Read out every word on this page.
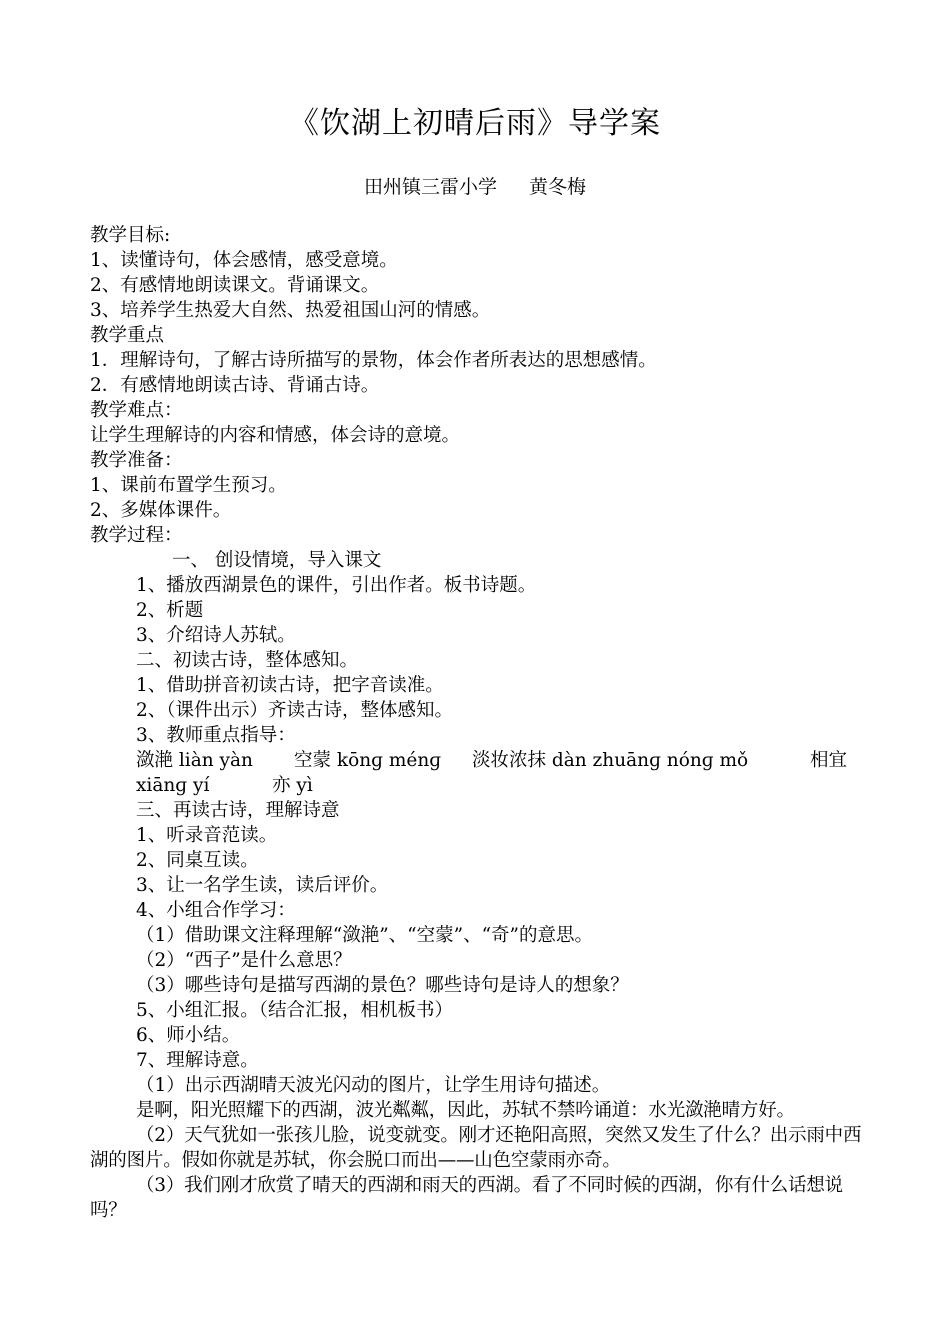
《饮湖上初晴后雨》导学案
田州镇三雷小学 黄冬梅
教学目标:
1、读懂诗句，体会感情，感受意境。
2、有感情地朗读课文。背诵课文。
3、培养学生热爱大自然、热爱祖国山河的情感。
教学重点
1．理解诗句，了解古诗所描写的景物，体会作者所表达的思想感情。
2．有感情地朗读古诗、背诵古诗。
教学难点：
让学生理解诗的内容和情感，体会诗的意境。
教学准备：
1、课前布置学生预习。
2、多媒体课件。
教学过程：
一、 创设情境，导入课文
1、播放西湖景色的课件，引出作者。板书诗题。
2、析题
3、介绍诗人苏轼。
二、初读古诗，整体感知。
1、借助拼音初读古诗，把字音读准。
2、（课件出示）齐读古诗，整体感知。
3、教师重点指导：
潋滟 liàn yàn 空蒙 kōnɡ ménɡ 淡妆浓抹 dàn zhuānɡ nónɡ mǒ	相宜
xiānɡ yí	亦 yì
三、再读古诗，理解诗意
1、听录音范读。
2、同桌互读。
3、让一名学生读，读后评价。
4、小组合作学习：
（1）借助课文注释理解“潋滟”、“空蒙”、“奇”的意思。
（2）“西子”是什么意思？
（3）哪些诗句是描写西湖的景色？哪些诗句是诗人的想象？
5、小组汇报。（结合汇报，相机板书）
6、师小结。
7、理解诗意。
（1）出示西湖晴天波光闪动的图片，让学生用诗句描述。
是啊，阳光照耀下的西湖，波光粼粼，因此，苏轼不禁吟诵道：水光潋滟晴方好。
（2）天气犹如一张孩儿脸，说变就变。刚才还艳阳高照，突然又发生了什么？出示雨中西湖的图片。假如你就是苏轼，你会脱口而出——山色空蒙雨亦奇。
（3）我们刚才欣赏了晴天的西湖和雨天的西湖。看了不同时候的西湖，你有什么话想说吗？
